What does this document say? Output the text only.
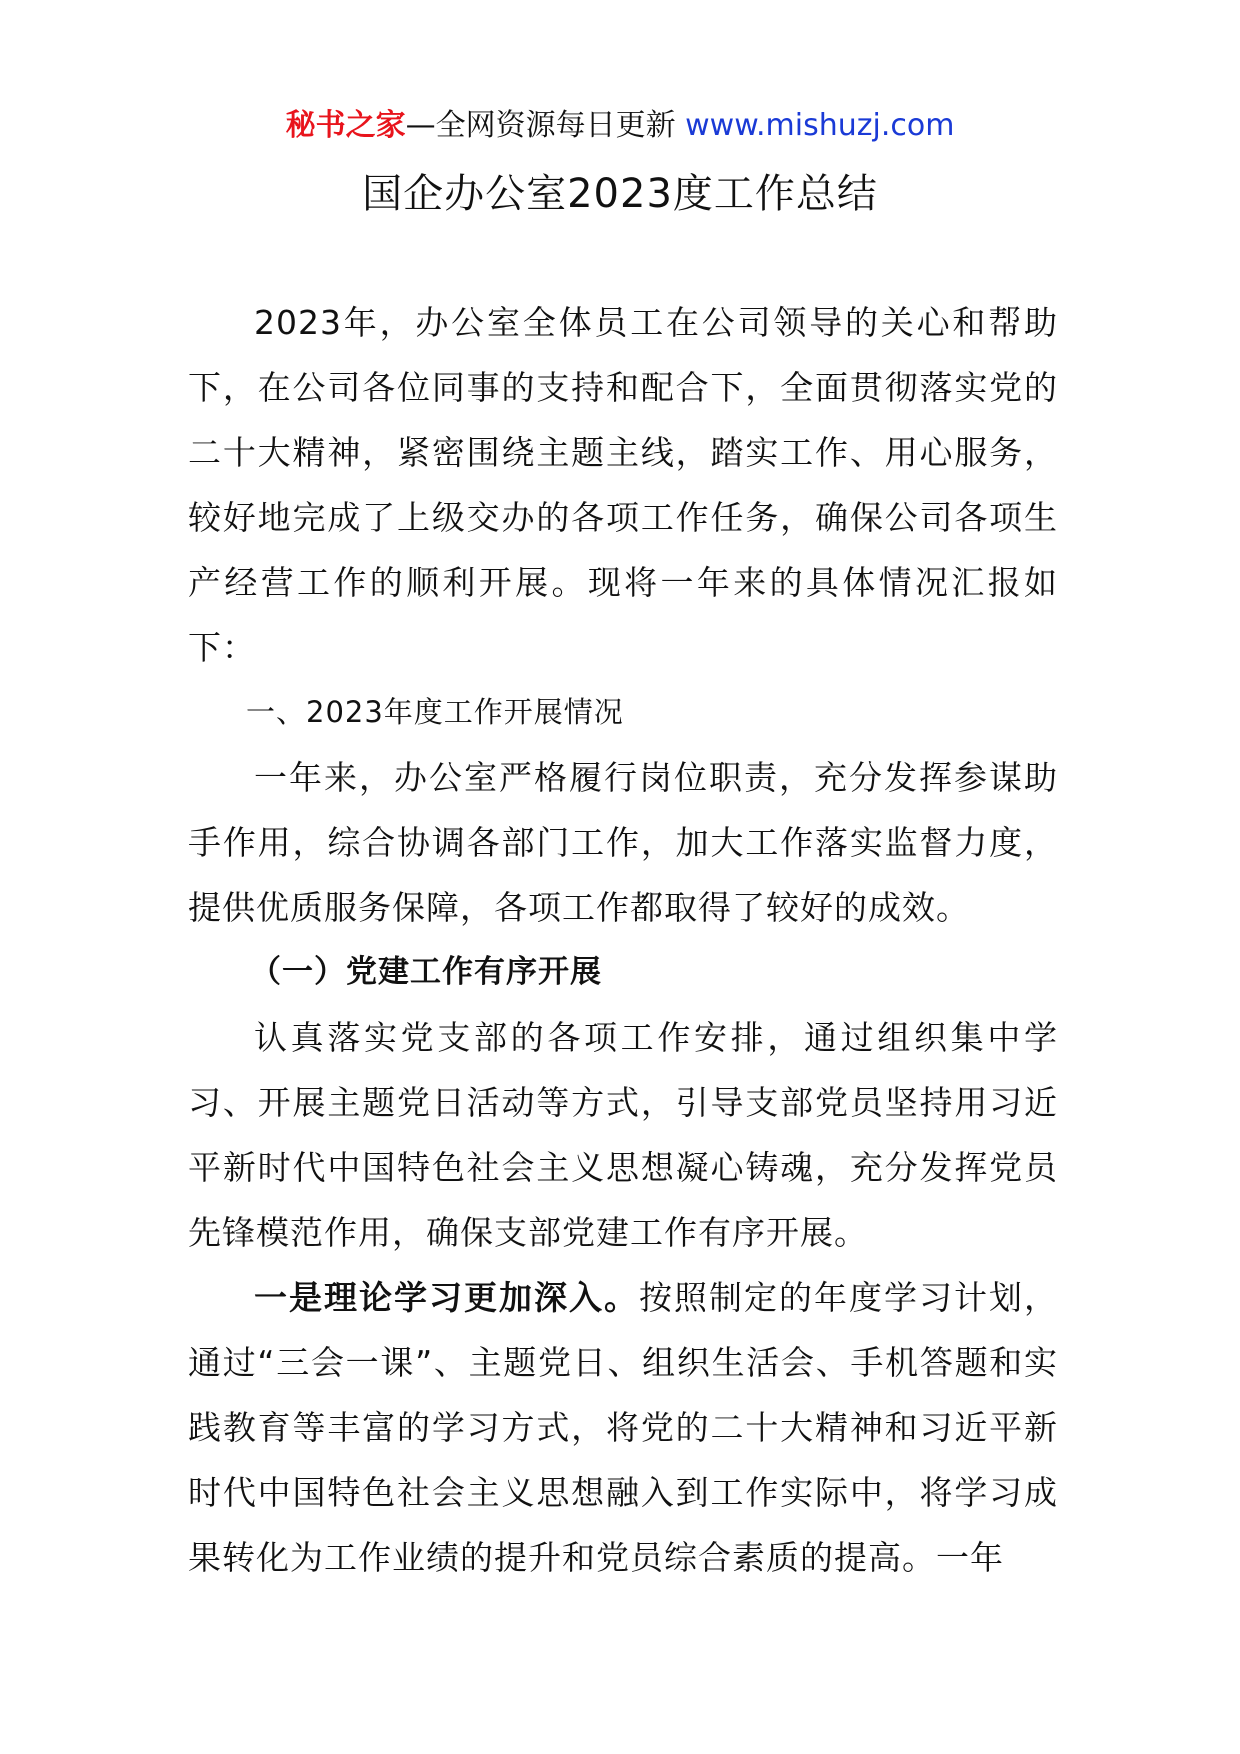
秘书之家—全网资源每日更新 www.mishuzj.com
国企办公室2023度工作总结

2023年，办公室全体员工在公司领导的关心和帮助下，在公司各位同事的支持和配合下，全面贯彻落实党的二十大精神，紧密围绕主题主线，踏实工作、用心服务，较好地完成了上级交办的各项工作任务，确保公司各项生产经营工作的顺利开展。现将一年来的具体情况汇报如下：

一、2023年度工作开展情况

一年来，办公室严格履行岗位职责，充分发挥参谋助手作用，综合协调各部门工作，加大工作落实监督力度，提供优质服务保障，各项工作都取得了较好的成效。

（一）党建工作有序开展

认真落实党支部的各项工作安排，通过组织集中学习、开展主题党日活动等方式，引导支部党员坚持用习近平新时代中国特色社会主义思想凝心铸魂，充分发挥党员先锋模范作用，确保支部党建工作有序开展。

一是理论学习更加深入。按照制定的年度学习计划，通过“三会一课”、主题党日、组织生活会、手机答题和实践教育等丰富的学习方式，将党的二十大精神和习近平新时代中国特色社会主义思想融入到工作实际中，将学习成果转化为工作业绩的提升和党员综合素质的提高。一年
